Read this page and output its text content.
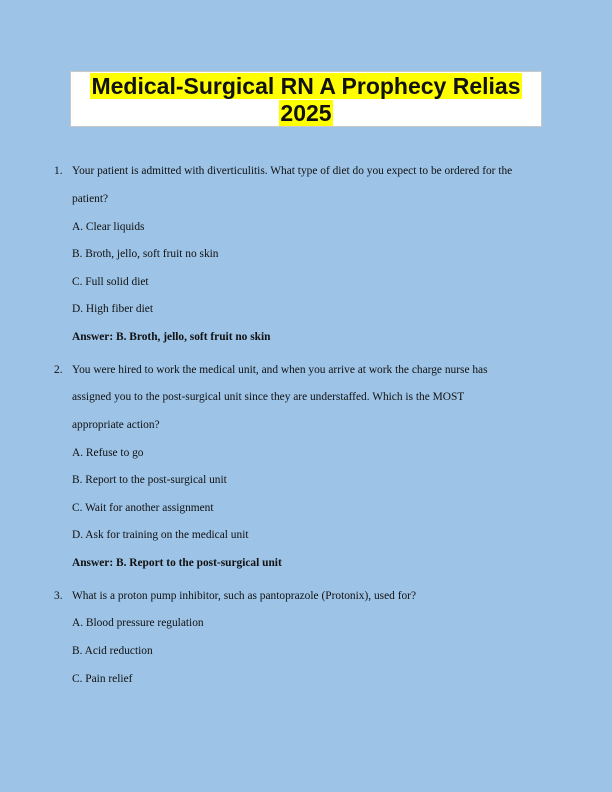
Medical-Surgical RN A Prophecy Relias
2025
1. Your patient is admitted with diverticulitis. What type of diet do you expect to be ordered for the
patient?
A. Clear liquids
B. Broth, jello, soft fruit no skin
C. Full solid diet
D. High fiber diet
Answer: B. Broth, jello, soft fruit no skin
2. You were hired to work the medical unit, and when you arrive at work the charge nurse has
assigned you to the post-surgical unit since they are understaffed. Which is the MOST
appropriate action?
A. Refuse to go
B. Report to the post-surgical unit
C. Wait for another assignment
D. Ask for training on the medical unit
Answer: B. Report to the post-surgical unit
3. What is a proton pump inhibitor, such as pantoprazole (Protonix), used for?
A. Blood pressure regulation
B. Acid reduction
C. Pain relief
